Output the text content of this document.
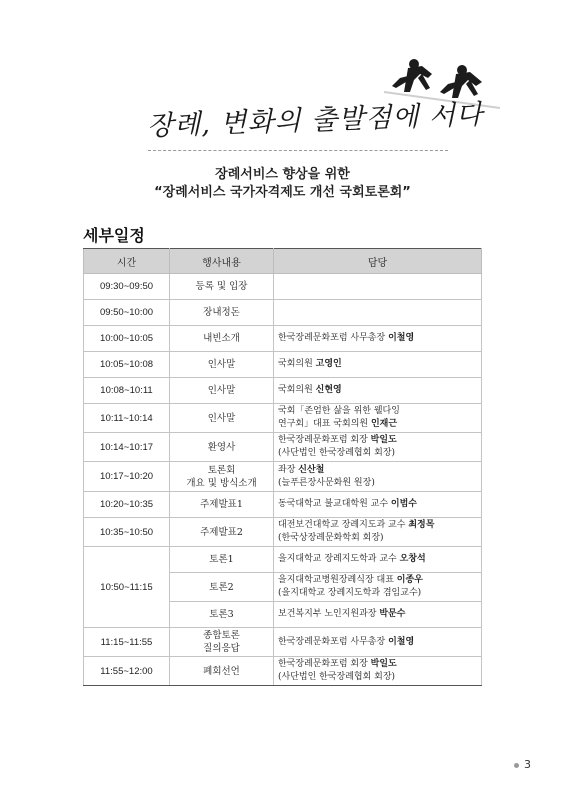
장례, 변화의 출발점에 서다
장례서비스 향상을 위한
“장례서비스 국가자격제도 개선 국회토론회”
세부일정
시간	행사내용	담당
09:30~09:50	등록 및 입장	

09:50~10:00	장내정돈	

10:00~10:05	내빈소개	한국장례문화포럼 사무총장 이철영

10:05~10:08	인사말	국회의원 고영인

10:08~10:11	인사말	국회의원 신현영

10:11~10:14	인사말	국회「존엄한 삶을 위한 웰다잉
연구회」대표 국회의원 인재근

10:14~10:17	환영사	한국장례문화포럼 회장 박일도
(사단법인 한국장례협회 회장)

10:17~10:20	토론회
개요 및 방식소개	좌장 신산철
(늘푸른장사문화원 원장)

10:20~10:35	주제발표1	동국대학교 불교대학원 교수 이범수

10:35~10:50	주제발표2	대전보건대학교 장례지도과 교수 최정목
(한국상장례문화학회 회장)

10:50~11:15	토론1	을지대학교 장례지도학과 교수 오창석

	토론2	을지대학교병원장례식장 대표 이종우
(을지대학교 장례지도학과 겸임교수)

	토론3	보건복지부 노인지원과장 박문수

11:15~11:55	종합토론
질의응답	한국장례문화포럼 사무총장 이철영

11:55~12:00	폐회선언	한국장례문화포럼 회장 박일도
(사단법인 한국장례협회 회장)
3
